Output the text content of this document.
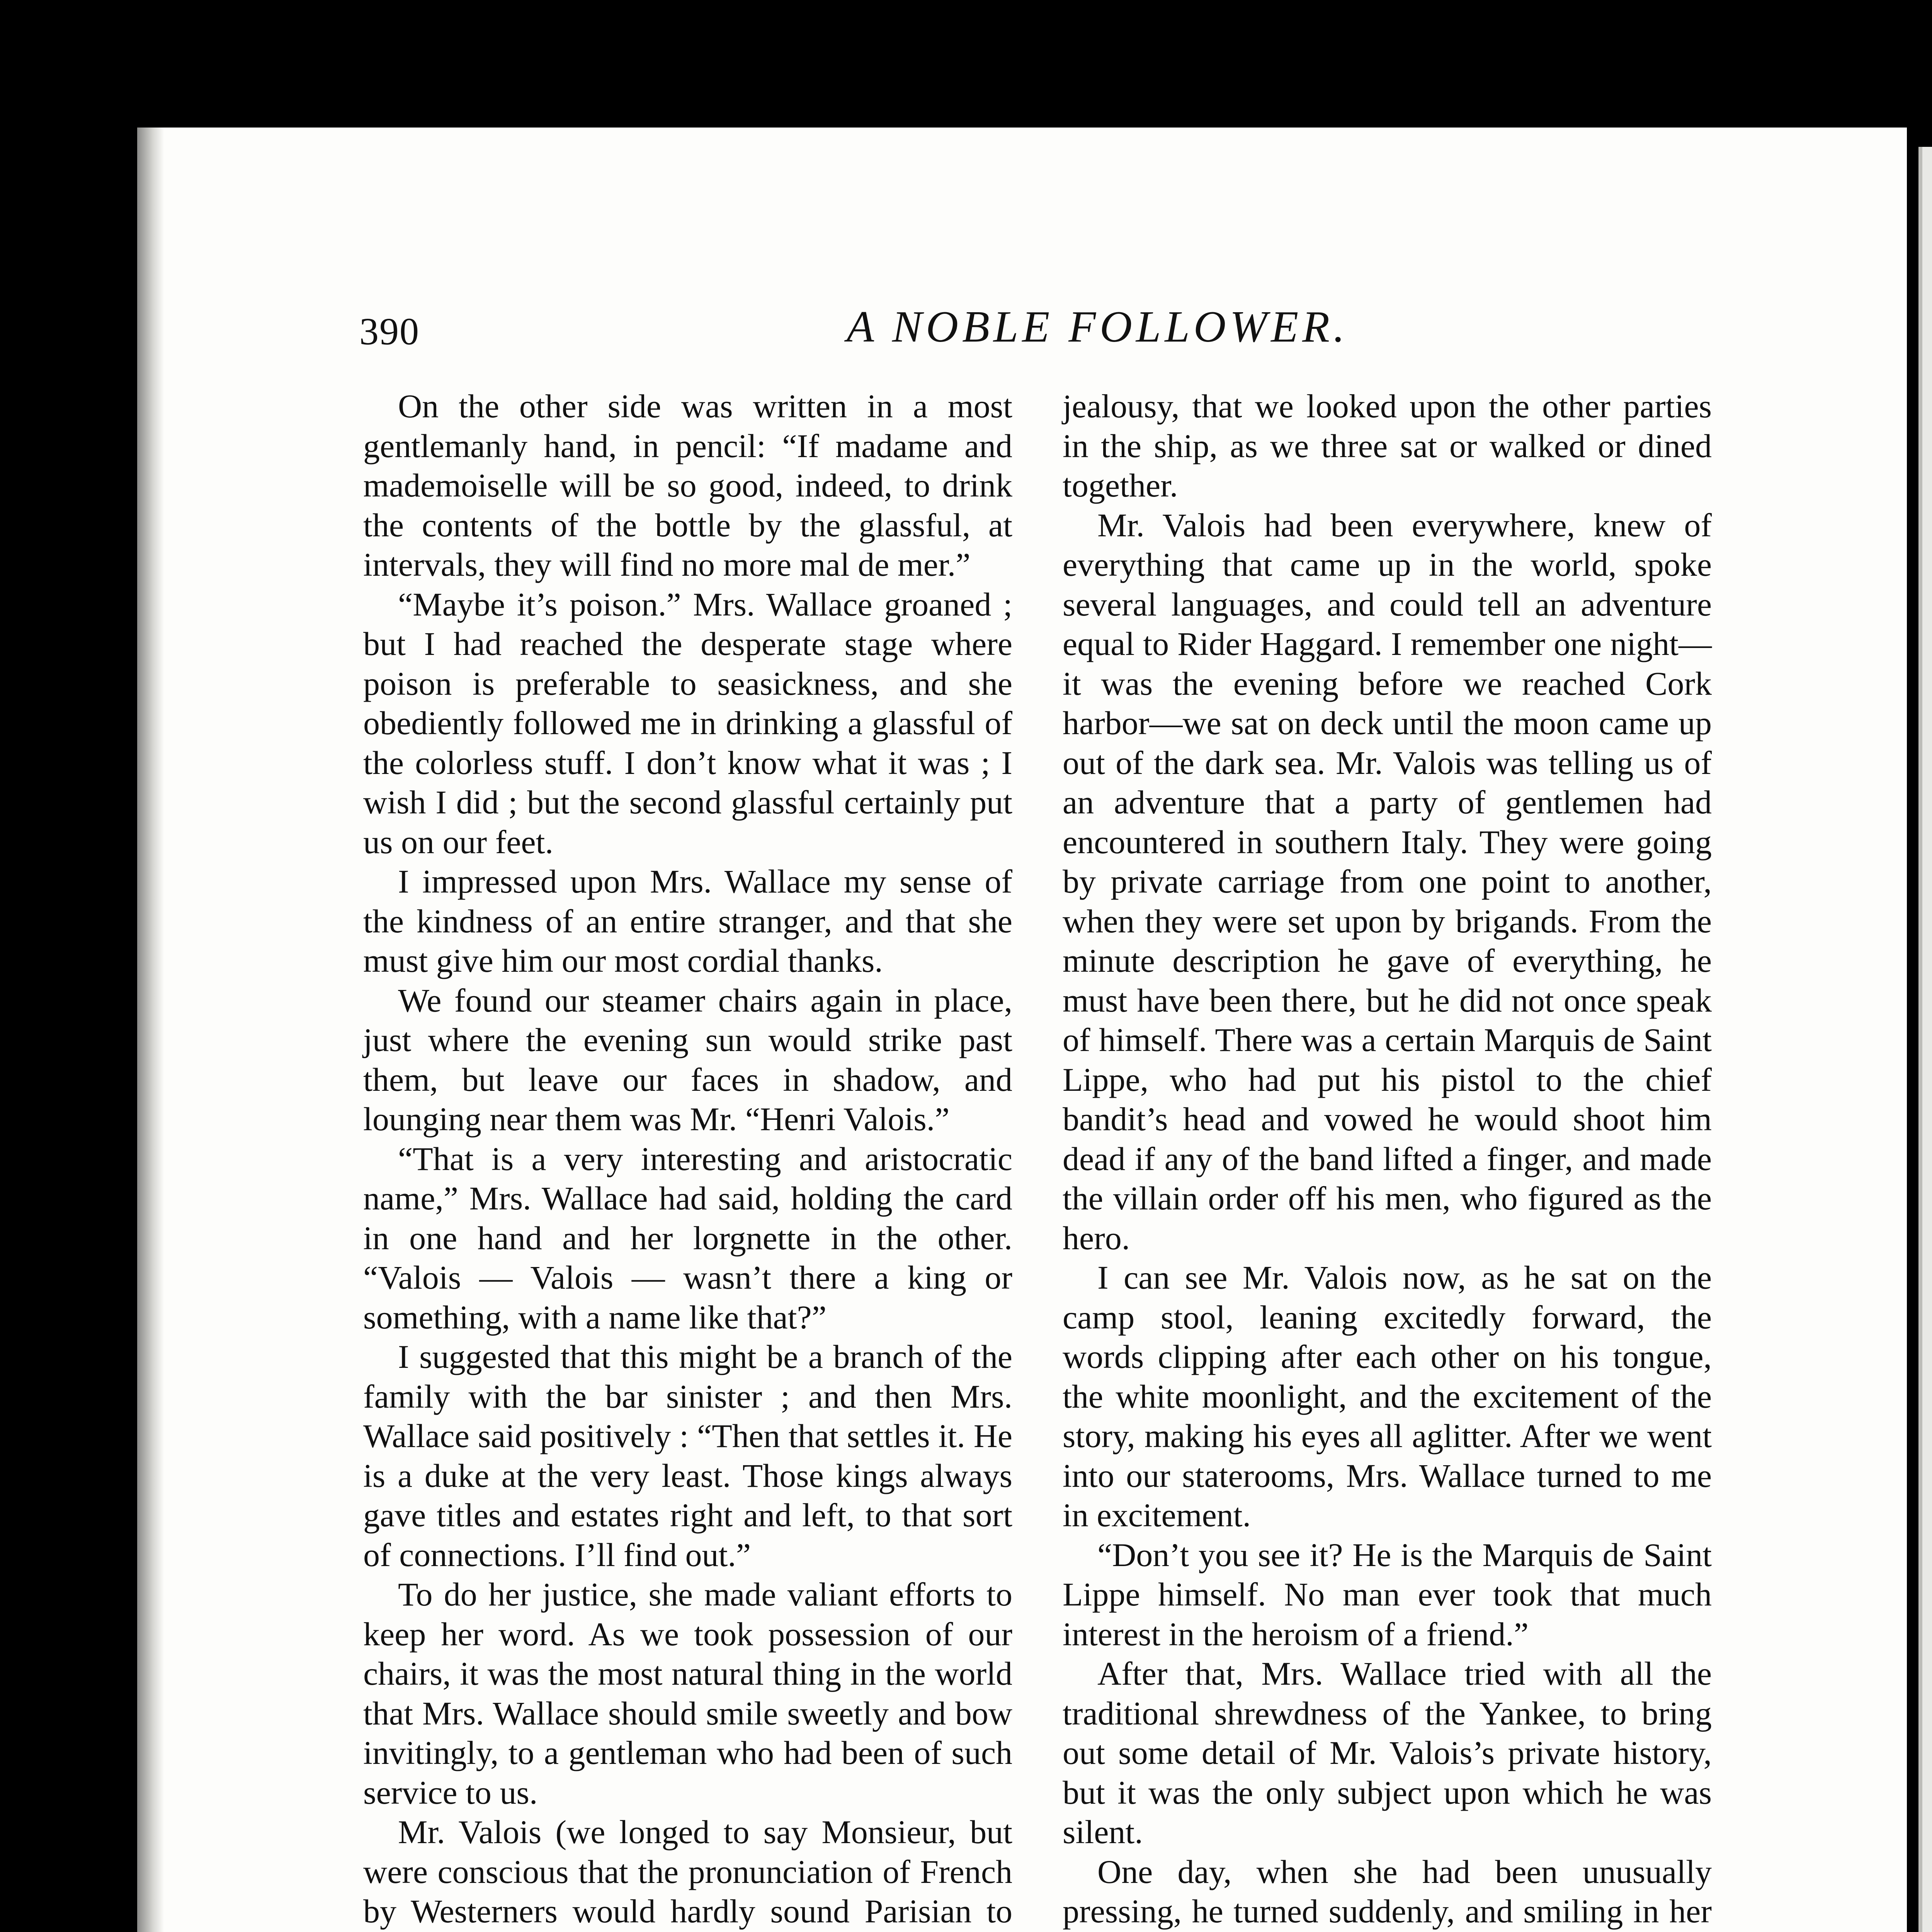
390	A NOBLE FOLLOWER.

On the other side was written in a most gentlemanly hand, in pencil: “If madame and mademoiselle will be so good, indeed, to drink the contents of the bottle by the glassful, at intervals, they will find no more mal de mer.”

“Maybe it’s poison.” Mrs. Wallace groaned ; but I had reached the desperate stage where poison is preferable to seasickness, and she obediently followed me in drinking a glassful of the colorless stuff. I don’t know what it was ; I wish I did ; but the second glassful certainly put us on our feet.

I impressed upon Mrs. Wallace my sense of the kindness of an entire stranger, and that she must give him our most cordial thanks.

We found our steamer chairs again in place, just where the evening sun would strike past them, but leave our faces in shadow, and lounging near them was Mr. “Henri Valois.”

“That is a very interesting and aristocratic name,” Mrs. Wallace had said, holding the card in one hand and her lorgnette in the other. “Valois — Valois — wasn’t there a king or something, with a name like that?”

I suggested that this might be a branch of the family with the bar sinister ; and then Mrs. Wallace said positively : “Then that settles it. He is a duke at the very least. Those kings always gave titles and estates right and left, to that sort of connections. I’ll find out.”

To do her justice, she made valiant efforts to keep her word. As we took possession of our chairs, it was the most natural thing in the world that Mrs. Wallace should smile sweetly and bow invitingly, to a gentleman who had been of such service to us.

Mr. Valois (we longed to say Monsieur, but were conscious that the pronunciation of French by Westerners would hardly sound Parisian to

jealousy, that we looked upon the other parties in the ship, as we three sat or walked or dined together.

Mr. Valois had been everywhere, knew of everything that came up in the world, spoke several languages, and could tell an adventure equal to Rider Haggard. I remember one night—it was the evening before we reached Cork harbor—we sat on deck until the moon came up out of the dark sea. Mr. Valois was telling us of an adventure that a party of gentlemen had encountered in southern Italy. They were going by private carriage from one point to another, when they were set upon by brigands. From the minute description he gave of everything, he must have been there, but he did not once speak of himself. There was a certain Marquis de Saint Lippe, who had put his pistol to the chief bandit’s head and vowed he would shoot him dead if any of the band lifted a finger, and made the villain order off his men, who figured as the hero.

I can see Mr. Valois now, as he sat on the camp stool, leaning excitedly forward, the words clipping after each other on his tongue, the white moonlight, and the excitement of the story, making his eyes all aglitter. After we went into our staterooms, Mrs. Wallace turned to me in excitement.

“Don’t you see it? He is the Marquis de Saint Lippe himself. No man ever took that much interest in the heroism of a friend.”

After that, Mrs. Wallace tried with all the traditional shrewdness of the Yankee, to bring out some detail of Mr. Valois’s private history, but it was the only subject upon which he was silent.

One day, when she had been unusually pressing, he turned suddenly, and smiling in her
